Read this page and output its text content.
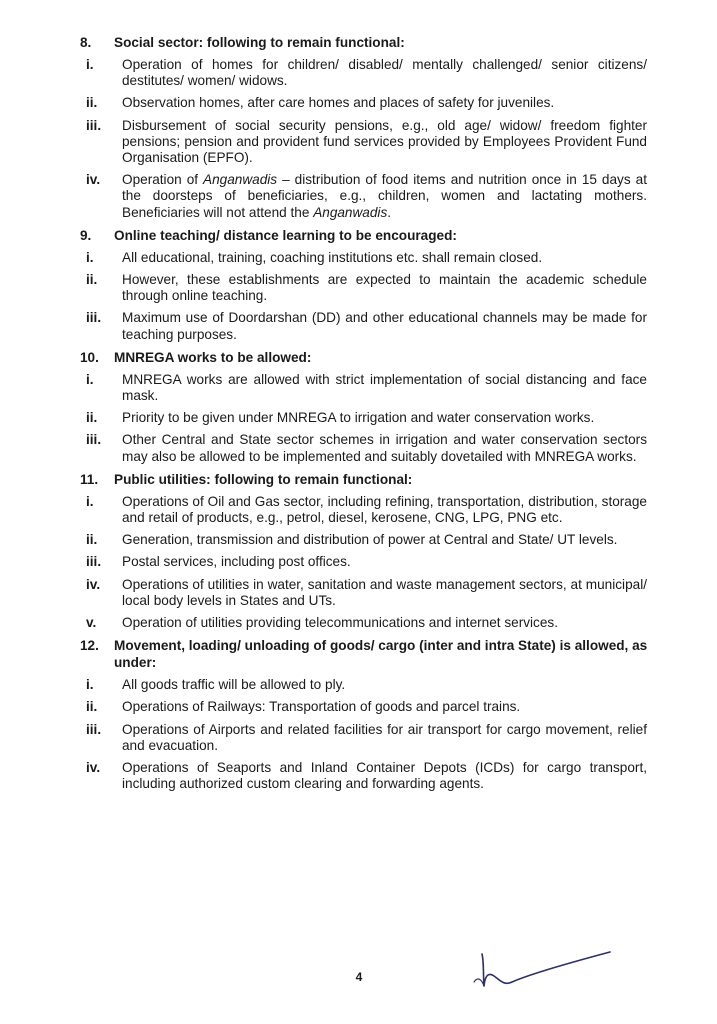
8.	Social sector: following to remain functional:
i.	Operation of homes for children/ disabled/ mentally challenged/ senior citizens/ destitutes/ women/ widows.
ii.	Observation homes, after care homes and places of safety for juveniles.
iii.	Disbursement of social security pensions, e.g., old age/ widow/ freedom fighter pensions; pension and provident fund services provided by Employees Provident Fund Organisation (EPFO).
iv.	Operation of Anganwadis – distribution of food items and nutrition once in 15 days at the doorsteps of beneficiaries, e.g., children, women and lactating mothers. Beneficiaries will not attend the Anganwadis.
9.	Online teaching/ distance learning to be encouraged:
i.	All educational, training, coaching institutions etc. shall remain closed.
ii.	However, these establishments are expected to maintain the academic schedule through online teaching.
iii.	Maximum use of Doordarshan (DD) and other educational channels may be made for teaching purposes.
10.	MNREGA works to be allowed:
i.	MNREGA works are allowed with strict implementation of social distancing and face mask.
ii.	Priority to be given under MNREGA to irrigation and water conservation works.
iii.	Other Central and State sector schemes in irrigation and water conservation sectors may also be allowed to be implemented and suitably dovetailed with MNREGA works.
11.	Public utilities: following to remain functional:
i.	Operations of Oil and Gas sector, including refining, transportation, distribution, storage and retail of products, e.g., petrol, diesel, kerosene, CNG, LPG, PNG etc.
ii.	Generation, transmission and distribution of power at Central and State/ UT levels.
iii.	Postal services, including post offices.
iv.	Operations of utilities in water, sanitation and waste management sectors, at municipal/ local body levels in States and UTs.
v.	Operation of utilities providing telecommunications and internet services.
12.	Movement, loading/ unloading of goods/ cargo (inter and intra State) is allowed, as under:
i.	All goods traffic will be allowed to ply.
ii.	Operations of Railways: Transportation of goods and parcel trains.
iii.	Operations of Airports and related facilities for air transport for cargo movement, relief and evacuation.
iv.	Operations of Seaports and Inland Container Depots (ICDs) for cargo transport, including authorized custom clearing and forwarding agents.
4
